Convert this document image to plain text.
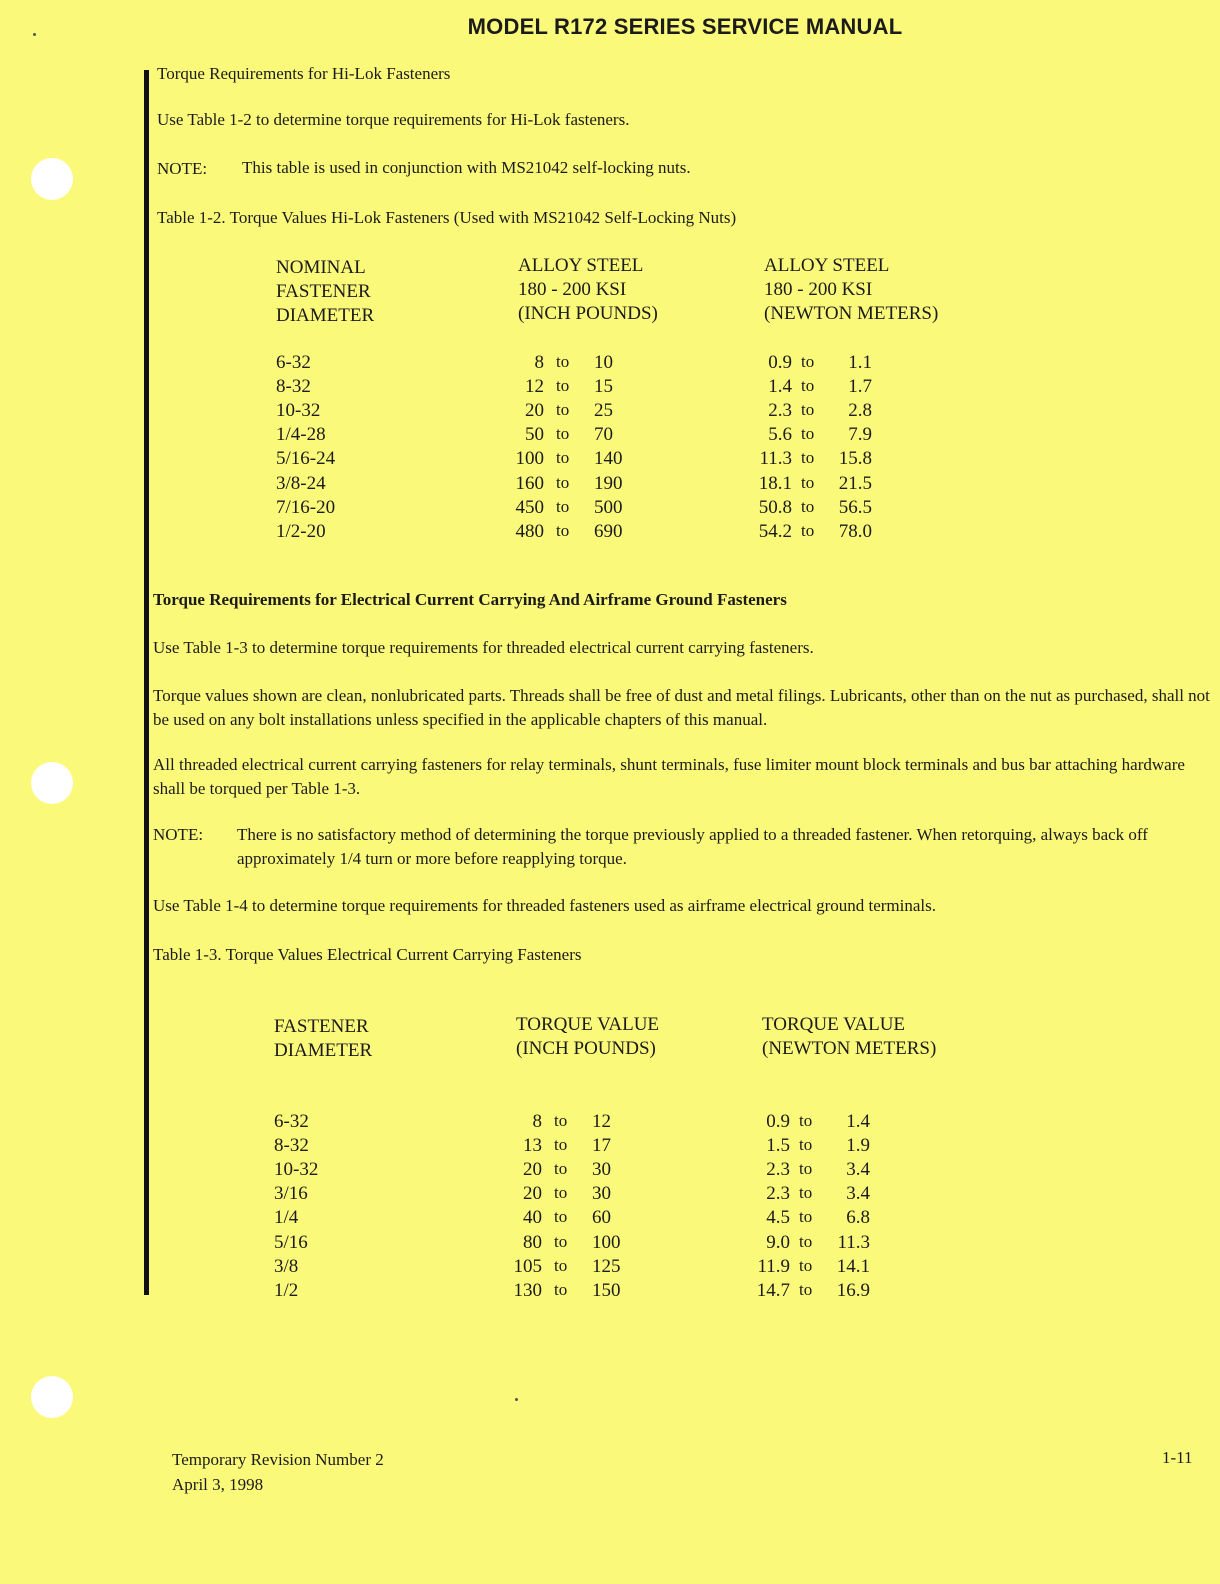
MODEL R172 SERIES SERVICE MANUAL
Torque Requirements for Hi-Lok Fasteners
Use Table 1-2 to determine torque requirements for Hi-Lok fasteners.
NOTE: This table is used in conjunction with MS21042 self-locking nuts.
Table 1-2. Torque Values Hi-Lok Fasteners (Used with MS21042 Self-Locking Nuts)
NOMINAL
FASTENER
DIAMETER
ALLOY STEEL
180 - 200 KSI
(INCH POUNDS)
ALLOY STEEL
180 - 200 KSI
(NEWTON METERS)
6-32	8 to 10	0.9 to	1.1
8-32	12 to 15	1.4 to	1.7
10-32	20 to 25	2.3 to	2.8
1/4-28	50 to 70	5.6 to	7.9
5/16-24	100 to 140	11.3 to	15.8
3/8-24	160 to 190	18.1 to	21.5
7/16-20	450 to 500	50.8 to	56.5
1/2-20	480 to 690	54.2 to	78.0
Torque Requirements for Electrical Current Carrying And Airframe Ground Fasteners
Use Table 1-3 to determine torque requirements for threaded electrical current carrying fasteners.
Torque values shown are clean, nonlubricated parts. Threads shall be free of dust and metal filings. Lubricants, other than on the nut as purchased, shall not be used on any bolt installations unless specified in the applicable chapters of this manual.
All threaded electrical current carrying fasteners for relay terminals, shunt terminals, fuse limiter mount block terminals and bus bar attaching hardware shall be torqued per Table 1-3.
NOTE: There is no satisfactory method of determining the torque previously applied to a threaded fastener. When retorquing, always back off approximately 1/4 turn or more before reapplying torque.
Use Table 1-4 to determine torque requirements for threaded fasteners used as airframe electrical ground terminals.
Table 1-3. Torque Values Electrical Current Carrying Fasteners
FASTENER
DIAMETER
TORQUE VALUE
(INCH POUNDS)
TORQUE VALUE
(NEWTON METERS)
6-32	8 to 12	0.9 to	1.4
8-32	13 to 17	1.5 to	1.9
10-32	20 to 30	2.3 to	3.4
3/16	20 to 30	2.3 to	3.4
1/4	40 to 60	4.5 to	6.8
5/16	80 to 100	9.0 to	11.3
3/8	105 to 125	11.9 to	14.1
1/2	130 to 150	14.7 to	16.9
Temporary Revision Number 2
April 3, 1998
1-11
